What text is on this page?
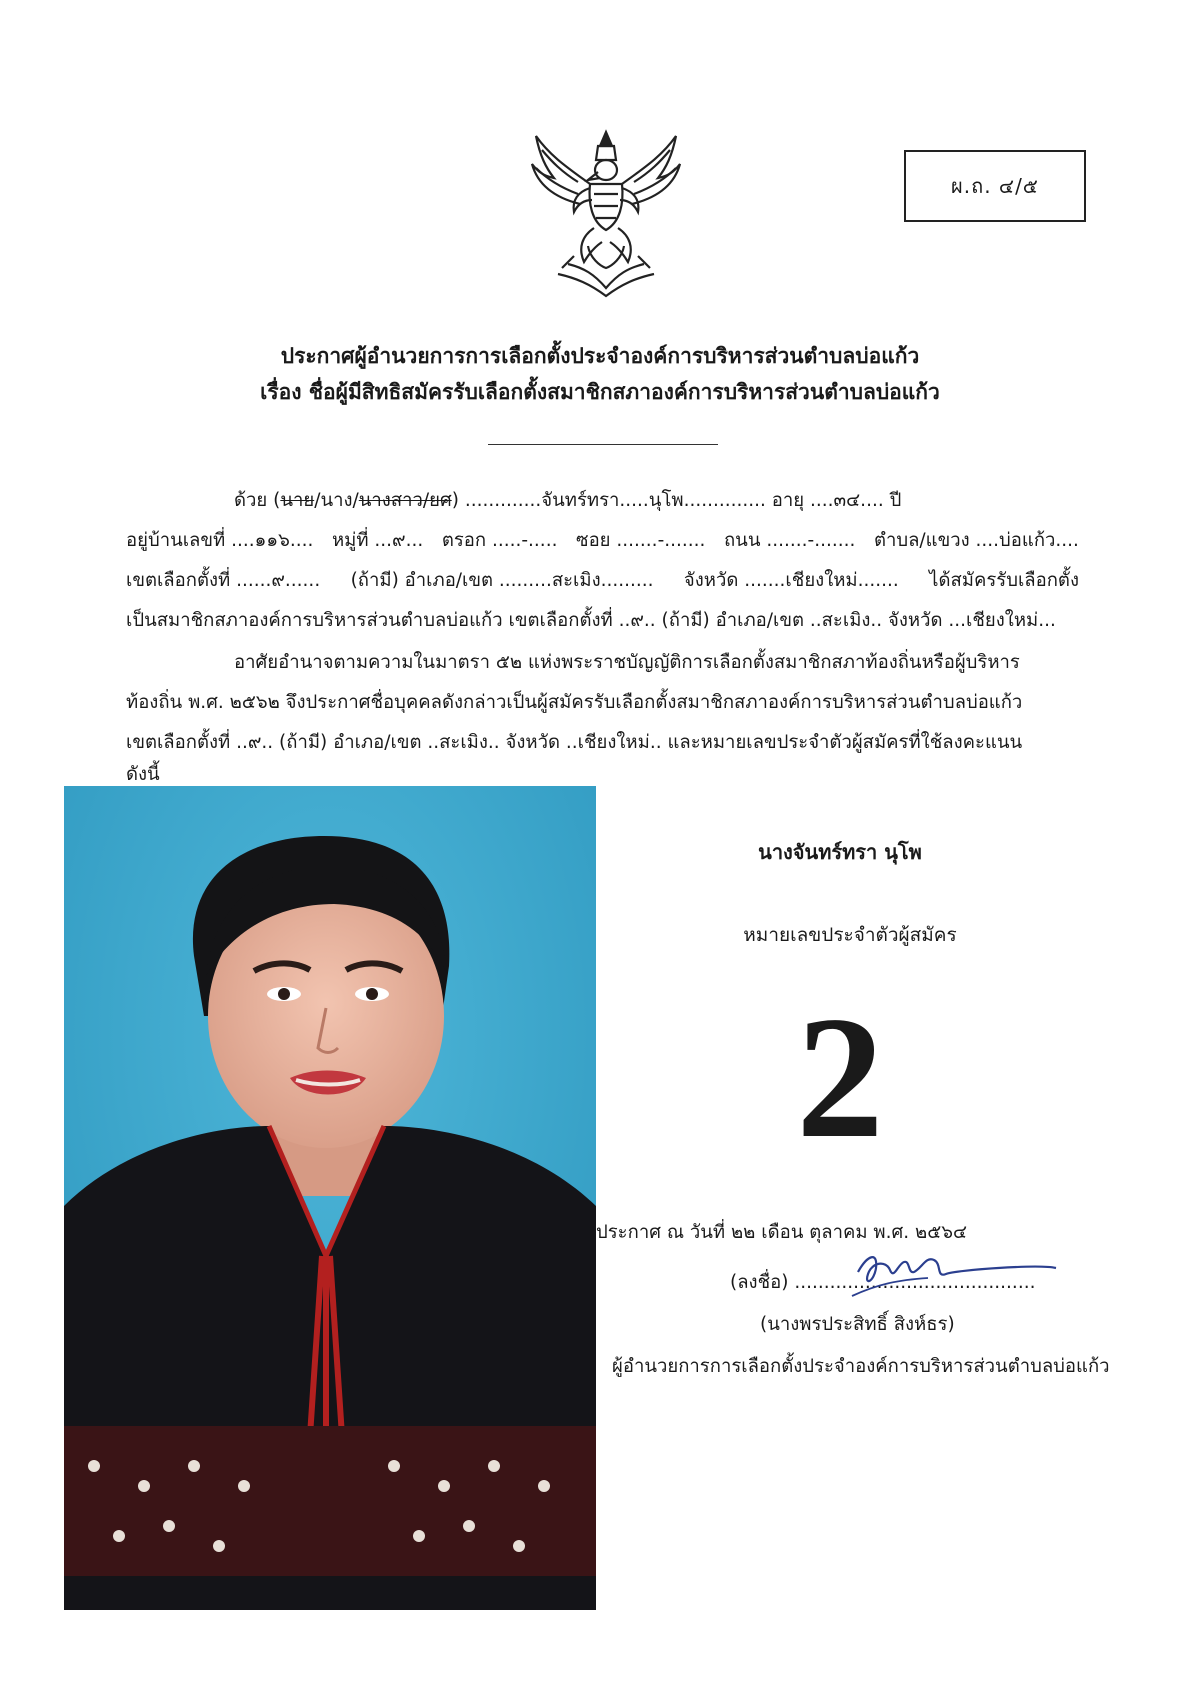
ผ.ถ. ๔/๕
ประกาศผู้อำนวยการการเลือกตั้งประจำองค์การบริหารส่วนตำบลบ่อแก้ว
เรื่อง ชื่อผู้มีสิทธิสมัครรับเลือกตั้งสมาชิกสภาองค์การบริหารส่วนตำบลบ่อแก้ว
ด้วย (นาย/นาง/นางสาว/ยศ) .............จันทร์ทรา.....นุโพ.............. อายุ ....๓๔.... ปี
อยู่บ้านเลขที่ ....๑๑๖.... หมู่ที่ ...๙... ตรอก .....-..... ซอย .......-....... ถนน .......-....... ตำบล/แขวง ....บ่อแก้ว....
เขตเลือกตั้งที่ ......๙...... (ถ้ามี) อำเภอ/เขต .........สะเมิง......... จังหวัด .......เชียงใหม่....... ได้สมัครรับเลือกตั้ง
เป็นสมาชิกสภาองค์การบริหารส่วนตำบลบ่อแก้ว เขตเลือกตั้งที่ ..๙.. (ถ้ามี) อำเภอ/เขต ..สะเมิง.. จังหวัด ...เชียงใหม่...
อาศัยอำนาจตามความในมาตรา ๕๒ แห่งพระราชบัญญัติการเลือกตั้งสมาชิกสภาท้องถิ่นหรือผู้บริหาร
ท้องถิ่น พ.ศ. ๒๕๖๒ จึงประกาศชื่อบุคคลดังกล่าวเป็นผู้สมัครรับเลือกตั้งสมาชิกสภาองค์การบริหารส่วนตำบลบ่อแก้ว
เขตเลือกตั้งที่ ..๙.. (ถ้ามี) อำเภอ/เขต ..สะเมิง.. จังหวัด ..เชียงใหม่.. และหมายเลขประจำตัวผู้สมัครที่ใช้ลงคะแนน
ดังนี้
นางจันทร์ทรา นุโพ
หมายเลขประจำตัวผู้สมัคร
2
ประกาศ ณ วันที่ ๒๒ เดือน ตุลาคม พ.ศ. ๒๕๖๔
(ลงชื่อ) .........................................
(นางพรประสิทธิ์ สิงห์ธร)
ผู้อำนวยการการเลือกตั้งประจำองค์การบริหารส่วนตำบลบ่อแก้ว
